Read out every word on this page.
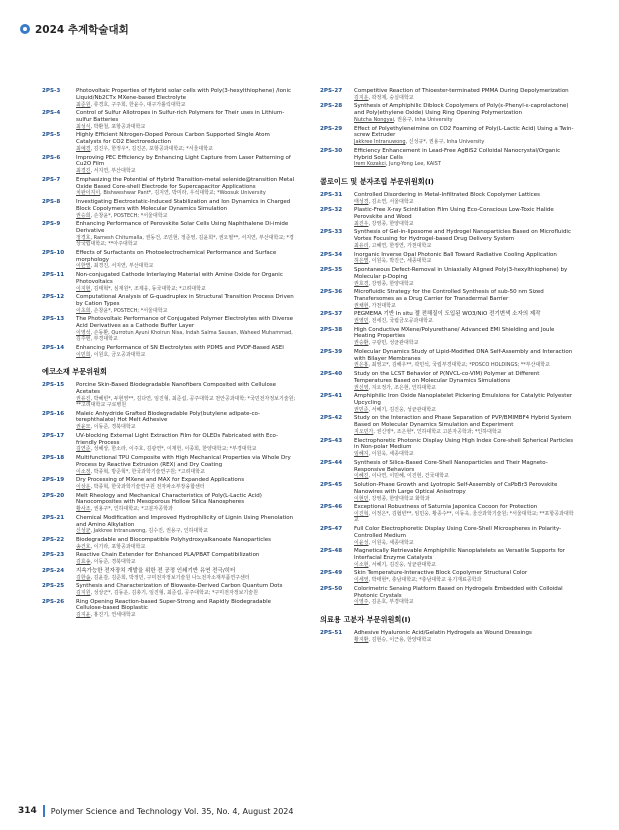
2024 추계학술대회
2PS-3	Photovoltaic Properties of Hybrid solar cells with Poly(3-hexylthiophene) /Ionic Liquid/Nb2CTx MXene-based Electrolyte
최준원, 류경호, 구주희, 한윤수, 대구가톨릭대학교
2PS-4	Control of Sulfur Allotropes in Sulfur-rich Polymers for Their uses in Lithium-sulfur Batteries
최성식, 박환철, 포항공과대학교
2PS-5	Highly Efficient Nitrogen-Doped Porous Carbon Supported Single Atom Catalysts for CO2 Electroreduction
최예경, 김진우, 한정우*, 김진곤, 포항공과대학교; *서울대학교
2PS-6	Improving PEC Efficiency by Enhancing Light Capture from Laser Patterning of Cu2O Film
최경진, 서지연, 부산대학교
2PS-7	Emphasizing the Potential of Hybrid Transition-metal selenide@transition Metal Oxide Based Core-shell Electrode for Supercapacitor Applications
치완이지이, Bishweshwar Pant*, 김지연, 박미라, 우석대학교; *Woosuk University
2PS-8	Investigating Electrostatic-Induced Stabilization and Ion Dynamics in Charged Block Copolymers with Molecular Dynamics Simulation
권승희, 손창윤*, POSTECH; *서울대학교
2PS-9	Enhancing Performance of Perovskite Solar Cells Using Naphthalene Di-imide Derivative
정경호, Ramesh Chitumalla, 권동건, 조민현, 정준영, 김윤희*, 권오필**, 서지연, 부산대학교; *경상국립대학교; **아주대학교
2PS-10	Effects of Surfactants on Photoelectrochemical Performance and Surface morphology
이한별, 최경진, 서지연, 부산대학교
2PS-11	Non-conjugated Cathode Interlaying Material with Amine Oxide for Organic Photovoltaics
이지현, 김태혁*, 심재원*, 조제웅, 동국대학교; *고려대학교
2PS-12	Computational Analysis of G-quadruplex in Structural Transition Process Driven by Cation Types
이초희, 손창윤*, POSTECH; *서울대학교
2PS-13	The Photovoltaic Performance of Conjugated Polymer Electrolytes with Diverse Acid Derivatives as a Cathode Buffer Layer
이영석, 손동환, Qurrotun Ayuni Khoirun Nisa, Indah Salma Sausan, Waheed Muhammad, 김주현, 부경대학교
2PS-14	Enhancing Performance of SN Electrolytes with PDMS and PVDF-Based ASEI
이민희, 이원호, 금오공과대학교
에코소재 부문위원회
2PS-15	Porcine Skin-Based Biodegradable Nanofibers Composited with Cellulose Acetates
권유진, 박혜빈*, 두현영**, 김다연, 임진형, 최준섭, 공주대학교 천안공과대학; *국민전자정보기술원; **고려대학교 구로병원
2PS-16	Maleic Anhydride Grafted Biodegradable Poly(butylene adipate-co-terephthalate) Hot Melt Adhesive
권윤모, 이동준, 경북대학교
2PS-17	UV-blocking External Light Extraction Film for OLEDs Fabricated with Eco-friendly Process
김연준, 성혜상, 한소라, 이주호, 김광연*, 이재헌, 이종희, 한양대학교; *부경대학교
2PS-18	Multifunctional TPU Composite with High Mechanical Properties via Whole Dry Process by Reactive Extrusion (REX) and Dry Coating
이소정, 박종혁, 방준혁*, 한국과학기술연구원; *고려대학교
2PS-19	Dry Processing of MXene and MAX for Expanded Applications
이상운, 박종혁, 한국과학기술연구원 전자파소부장융합센터
2PS-20	Melt Rheology and Mechanical Characteristics of Poly(L-Lactic Acid) Nanocomposites with Mesoporous Hollow Silica Nanospheres
황사조, 권용구*, 인하대학교; *고분자공학과
2PS-21	Chemical Modification and Improved Hydrophilicity of Lignin Using Phenolation and Amino Alkylation
신성균, Jakkree Intranuwong, 김수진, 권용구, 인하대학교
2PS-22	Biodegradable and Biocompatible Polyhydroxyalkanoate Nanoparticles
송건호, 이기라, 포항공과대학교
2PS-23	Reactive Chain Extender for Enhanced PLA/PBAT Compatibilization
김효송, 이동준, 경북대학교
2PS-24	지속가능한 전자장치 개발을 위한 전 공정 인쇄기반 유연 전극/히터
김한솜, 김윤감, 김준희, 박정민, 구미전자정보기술원 나노전자소재부품연구센터
2PS-25	Synthesis and Characterization of Biowaste-Derived Carbon Quantum Dots
김지원, 성상군*, 김동운, 김총기, 임진형, 최준섭, 공주대학교; *구미전자정보기술원
2PS-26	Ring Opening Reaction-based Super-Strong and Rapidly Biodegradable Cellulose-based Bioplastic
김지윤, 홍진기, 연세대학교
2PS-27	Competitive Reaction of Thioester-terminated PMMA During Depolymerization
김지운, 곽정제, 숭실대학교
2PS-28	Synthesis of Amphiphilic Diblock Copolymers of Poly(ε-Phenyl-ε-caprolactone) and Poly(ethylene Oxide) Using Ring Opening Polymerization
Nutcha Nongyai, 권용구, Inha University
2PS-29	Effect of Polyethyleneimine on CO2 Foaming of Poly(L-Lactic Acid) Using a Twin-screw Extruder
Jakkree Intranuwong, 신성규*, 권용구, Inha University
2PS-30	Efficiency Enhancement in Lead-Free AgBiS2 Colloidal Nanocrystal/Organic Hybrid Solar Cells
Irem Kozakci, Jung-Yong Lee, KAIST
콜로이드 및 분자조립 부문위원회(I)
2PS-31	Controlled Disordering in Metal-Infiltrated Block Copolymer Lattices
태성경, 김소연, 서울대학교
2PS-32	Plastic-Free X-ray Scintillation Film Using Eco-Conscious Low-Toxic Halide Perovskite and Wood
최진우, 강영종, 한양대학교
2PS-33	Synthesis of Gel-in-liposome and Hydrogel Nanoparticles Based on Microfluidic Vortex Focusing for Hydrogel-based Drug Delivery System
최유리, 고혜연, 한정연, 가천대학교
2PS-34	Inorganic Inverse Opal Photonic Ball Toward Radiative Cooling Application
허은별, 이원욱, 박진근, 세종대학교
2PS-35	Spontaneous Defect-Removal in Uniaxially Aligned Poly(3-hexylthiophene) by Molecular p-Doping
권호경, 강영종, 한양대학교
2PS-36	Microfluidic Strategy for the Controlled Synthesis of sub-50 nm Sized Transfersomes as a Drug Carrier for Transdermal Barrier
권채현, 가천대학교
2PS-37	PEGMEMA 기반 In situ 젤 전해질이 도입된 WO3/NiO 전기변색 소자의 제작
권영민, 전세진, 국립금오공과대학교
2PS-38	High Conductive MXene/Polyurethane/ Advanced EMI Shielding and Joule Heating Properties
권승환, 구광민, 성균관대학교
2PS-39	Molecular Dynamics Study of Lipid-Modified DNA Self-Assembly and Interaction with Bilayer Membranes
권은홍, 최영고*, 김해우**, 곽민석, 국립부경대학교; *POSCO HOLDINGS; **부산대학교
2PS-40	Study on the LCST Behavior of P(NVCL-co-VIM) Polymer at Different Temperatures Based on Molecular Dynamics Simulations
권신영, 지오정가, 조은현, 인하대학교
2PS-41	Amphiphilic Iron Oxide Nanoplatelet Pickering Emulsions for Catalytic Polyester Upcycling
권민준, 서혜기, 김진웅, 성균관대학교
2PS-42	Study on the Interaction and Phase Separation of PVP/BMIMBF4 Hybrid System Based on Molecular Dynamics Simulation and Experiment
지오민가, 권신영*, 조은현*, 인하대학교 고분자공학과; *인하대학교
2PS-43	Electrophoretic Photonic Display Using High Index Core-shell Spherical Particles in Non-polar Medium
임혜지, 이원욱, 세종대학교
2PS-44	Synthesis of Silica-Based Core-Shell Nanoparticles and Their Magneto-Responsive Behaviors
이혜진, 이나연, 이민혜, 이진현, 건국대학교
2PS-45	Solution-Phase Growth and Lyotropic Self-Assembly of CsPbBr3 Perovskite Nanowires with Large Optical Anisotropy
이현민, 강영종, 한양대학교 화학과
2PS-46	Exceptional Robustness of Saturnia Japonica Cocoon for Protection
이진혁, 이정은*, 김협빈**, 임민웅, 황종수**, 이동욱, 울산과학기술원; *서울대학교; **포항공과대학교
2PS-47	Full Color Electrophoretic Display Using Core-Shell Microspheres in Polarity-Controlled Medium
이윤성, 이원욱, 세종대학교
2PS-48	Magnetically Retrievable Amphiphilic Nanoplatelets as Versatile Supports for Interfacial Enzyme Catalysts
이소현, 서혜기, 김진웅, 성균관대학교
2PS-49	Skin Temperature-Interactive Block Copolymer Structural Color
이세영, 박태현*, 충남대학교; *충남대학교 유기재료공학과
2PS-50	Colorimetric Sensing Platform Based on Hydrogels Embedded with Colloidal Photonic Crystals
이영주, 김운호, 부경대학교
의료용 고분자 부문위원회(I)
2PS-51	Adhesive Hyaluronic Acid/Gelatin Hydrogels as Wound Dressings
황지환, 김현승, 이근용, 한양대학교
314 Polymer Science and Technology Vol. 35, No. 4, August 2024
